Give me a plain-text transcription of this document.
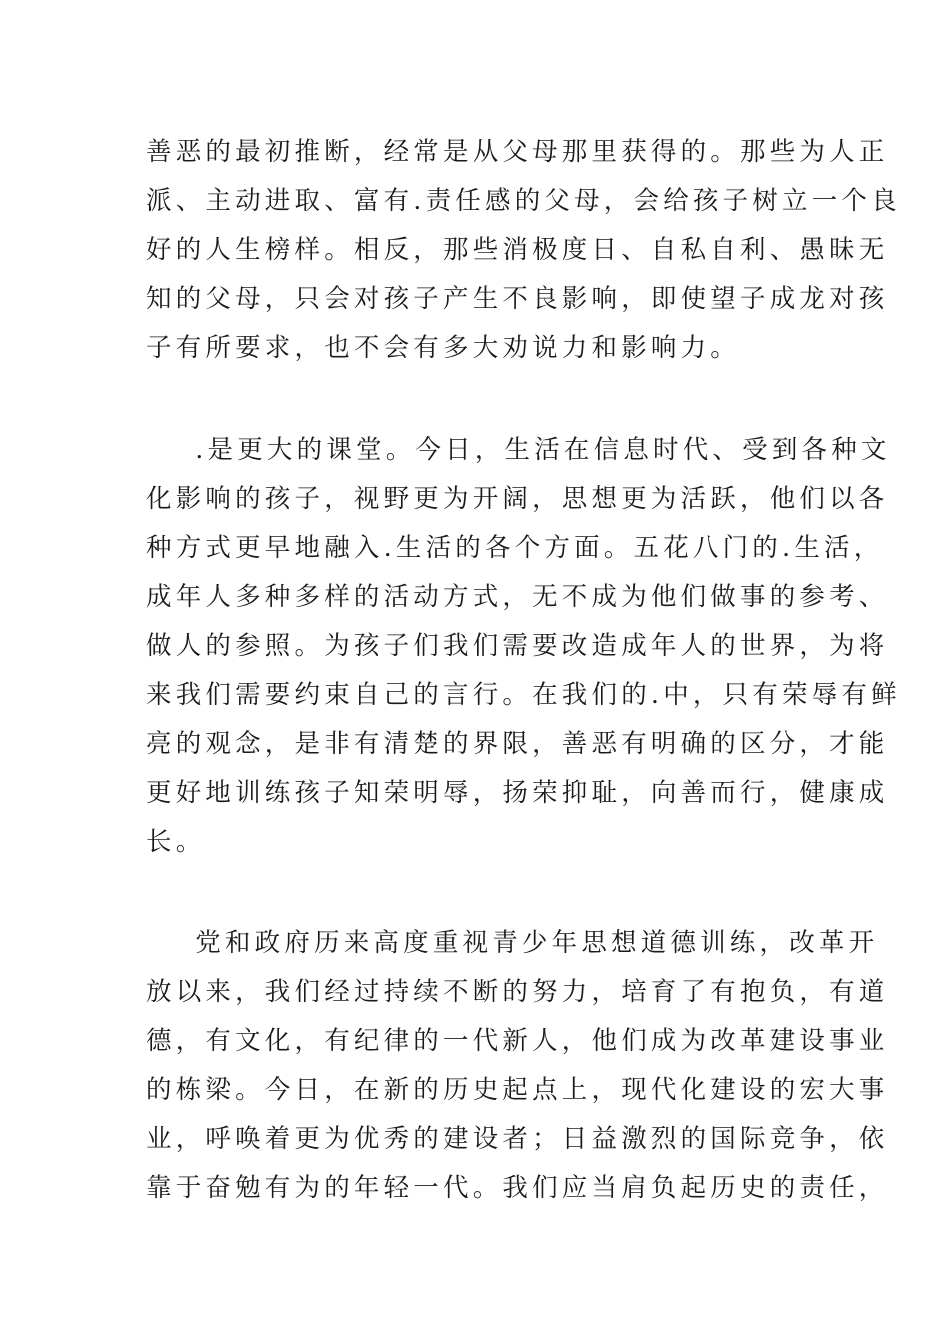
善恶的最初推断，经常是从父母那里获得的。那些为人正
派、主动进取、富有.责任感的父母，会给孩子树立一个良
好的人生榜样。相反，那些消极度日、自私自利、愚昧无
知的父母，只会对孩子产生不良影响，即使望子成龙对孩
子有所要求，也不会有多大劝说力和影响力。
.是更大的课堂。今日，生活在信息时代、受到各种文
化影响的孩子，视野更为开阔，思想更为活跃，他们以各
种方式更早地融入.生活的各个方面。五花八门的.生活，
成年人多种多样的活动方式，无不成为他们做事的参考、
做人的参照。为孩子们我们需要改造成年人的世界，为将
来我们需要约束自己的言行。在我们的.中，只有荣辱有鲜
亮的观念，是非有清楚的界限，善恶有明确的区分，才能
更好地训练孩子知荣明辱，扬荣抑耻，向善而行，健康成
长。
党和政府历来高度重视青少年思想道德训练，改革开
放以来，我们经过持续不断的努力，培育了有抱负，有道
德，有文化，有纪律的一代新人，他们成为改革建设事业
的栋梁。今日，在新的历史起点上，现代化建设的宏大事
业，呼唤着更为优秀的建设者；日益激烈的国际竞争，依
靠于奋勉有为的年轻一代。我们应当肩负起历史的责任，
